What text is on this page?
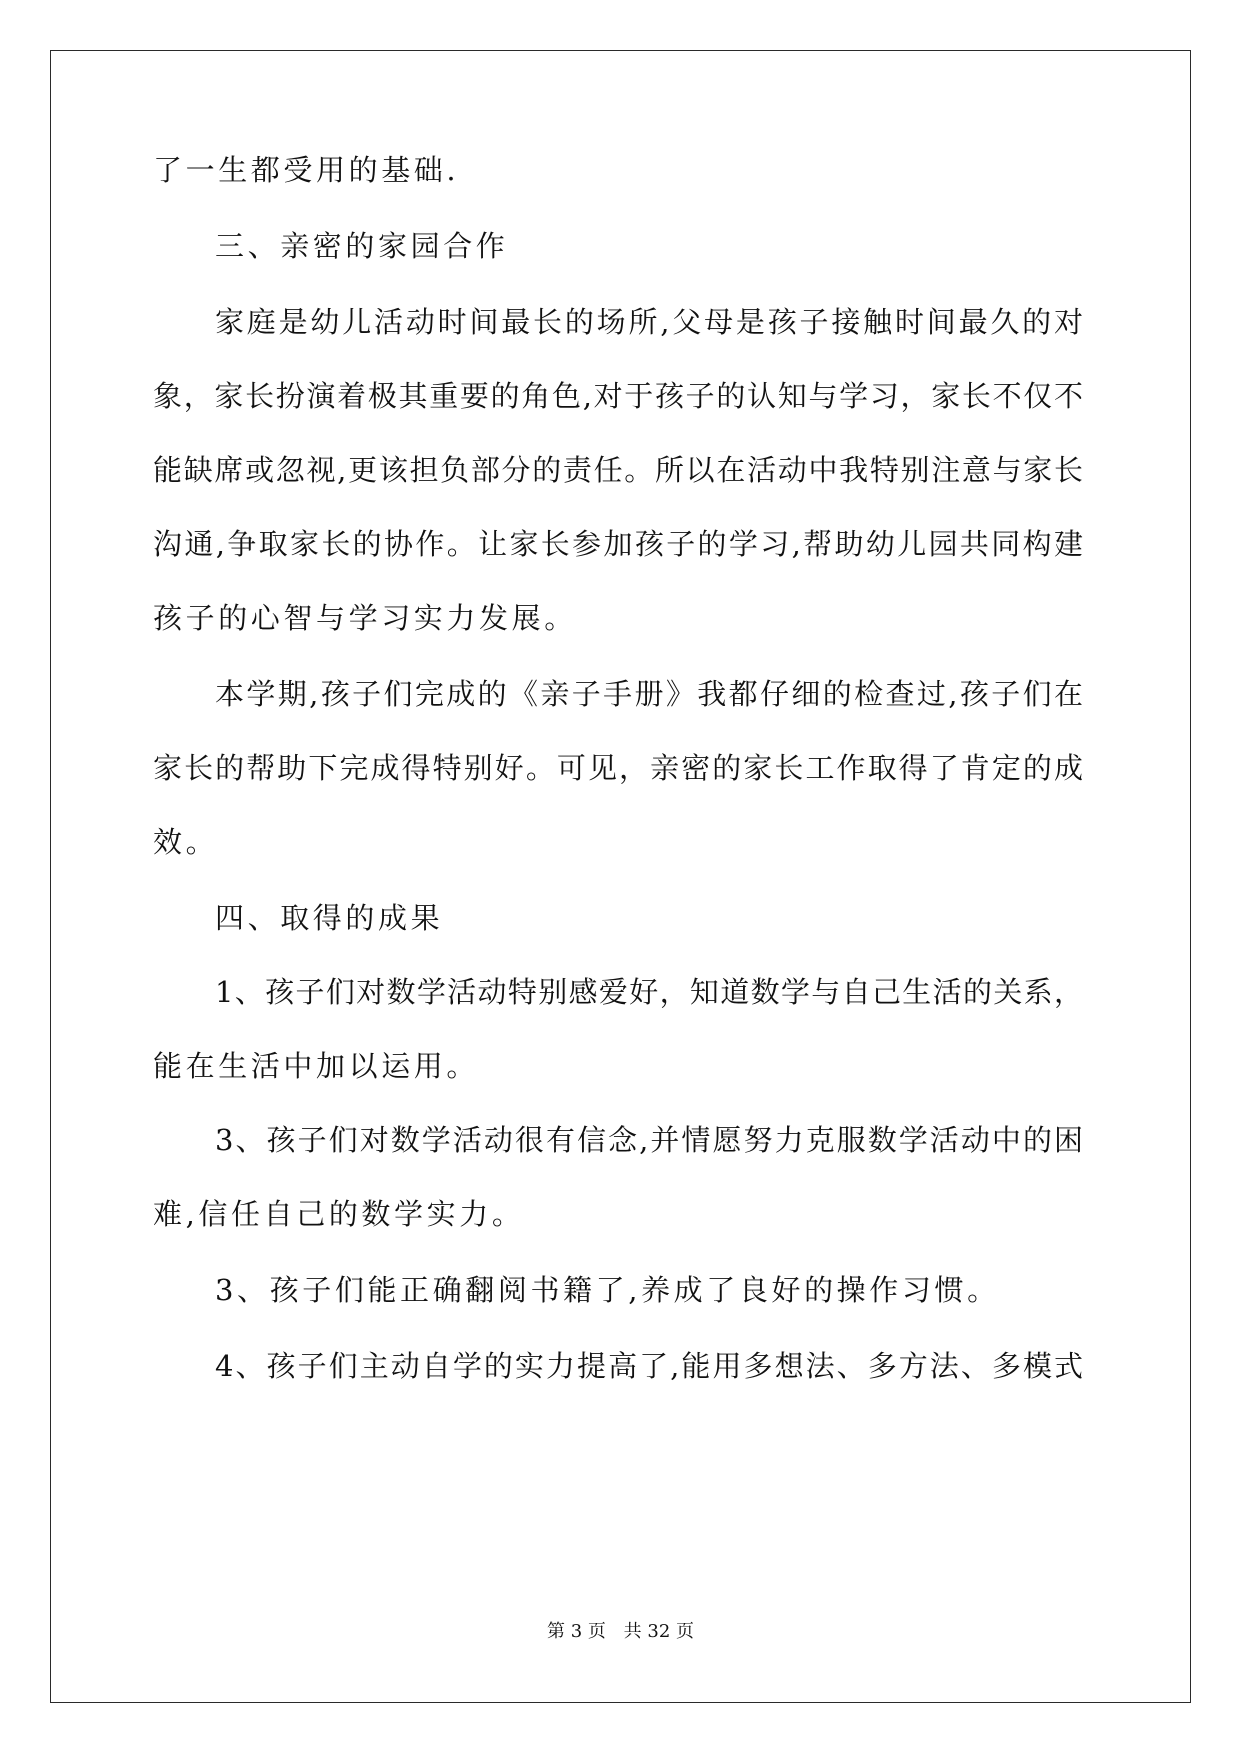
了一生都受用的基础.
三、亲密的家园合作
家庭是幼儿活动时间最长的场所,父母是孩子接触时间最久的对
象，家长扮演着极其重要的角色,对于孩子的认知与学习，家长不仅不
能缺席或忽视,更该担负部分的责任。所以在活动中我特别注意与家长
沟通,争取家长的协作。让家长参加孩子的学习,帮助幼儿园共同构建
孩子的心智与学习实力发展。
本学期,孩子们完成的《亲子手册》我都仔细的检查过,孩子们在
家长的帮助下完成得特别好。可见，亲密的家长工作取得了肯定的成
效。
四、取得的成果
1、孩子们对数学活动特别感爱好，知道数学与自己生活的关系，
能在生活中加以运用。
3、孩子们对数学活动很有信念,并情愿努力克服数学活动中的困
难,信任自己的数学实力。
3、孩子们能正确翻阅书籍了,养成了良好的操作习惯。
4、孩子们主动自学的实力提高了,能用多想法、多方法、多模式
第 3 页 共 32 页
